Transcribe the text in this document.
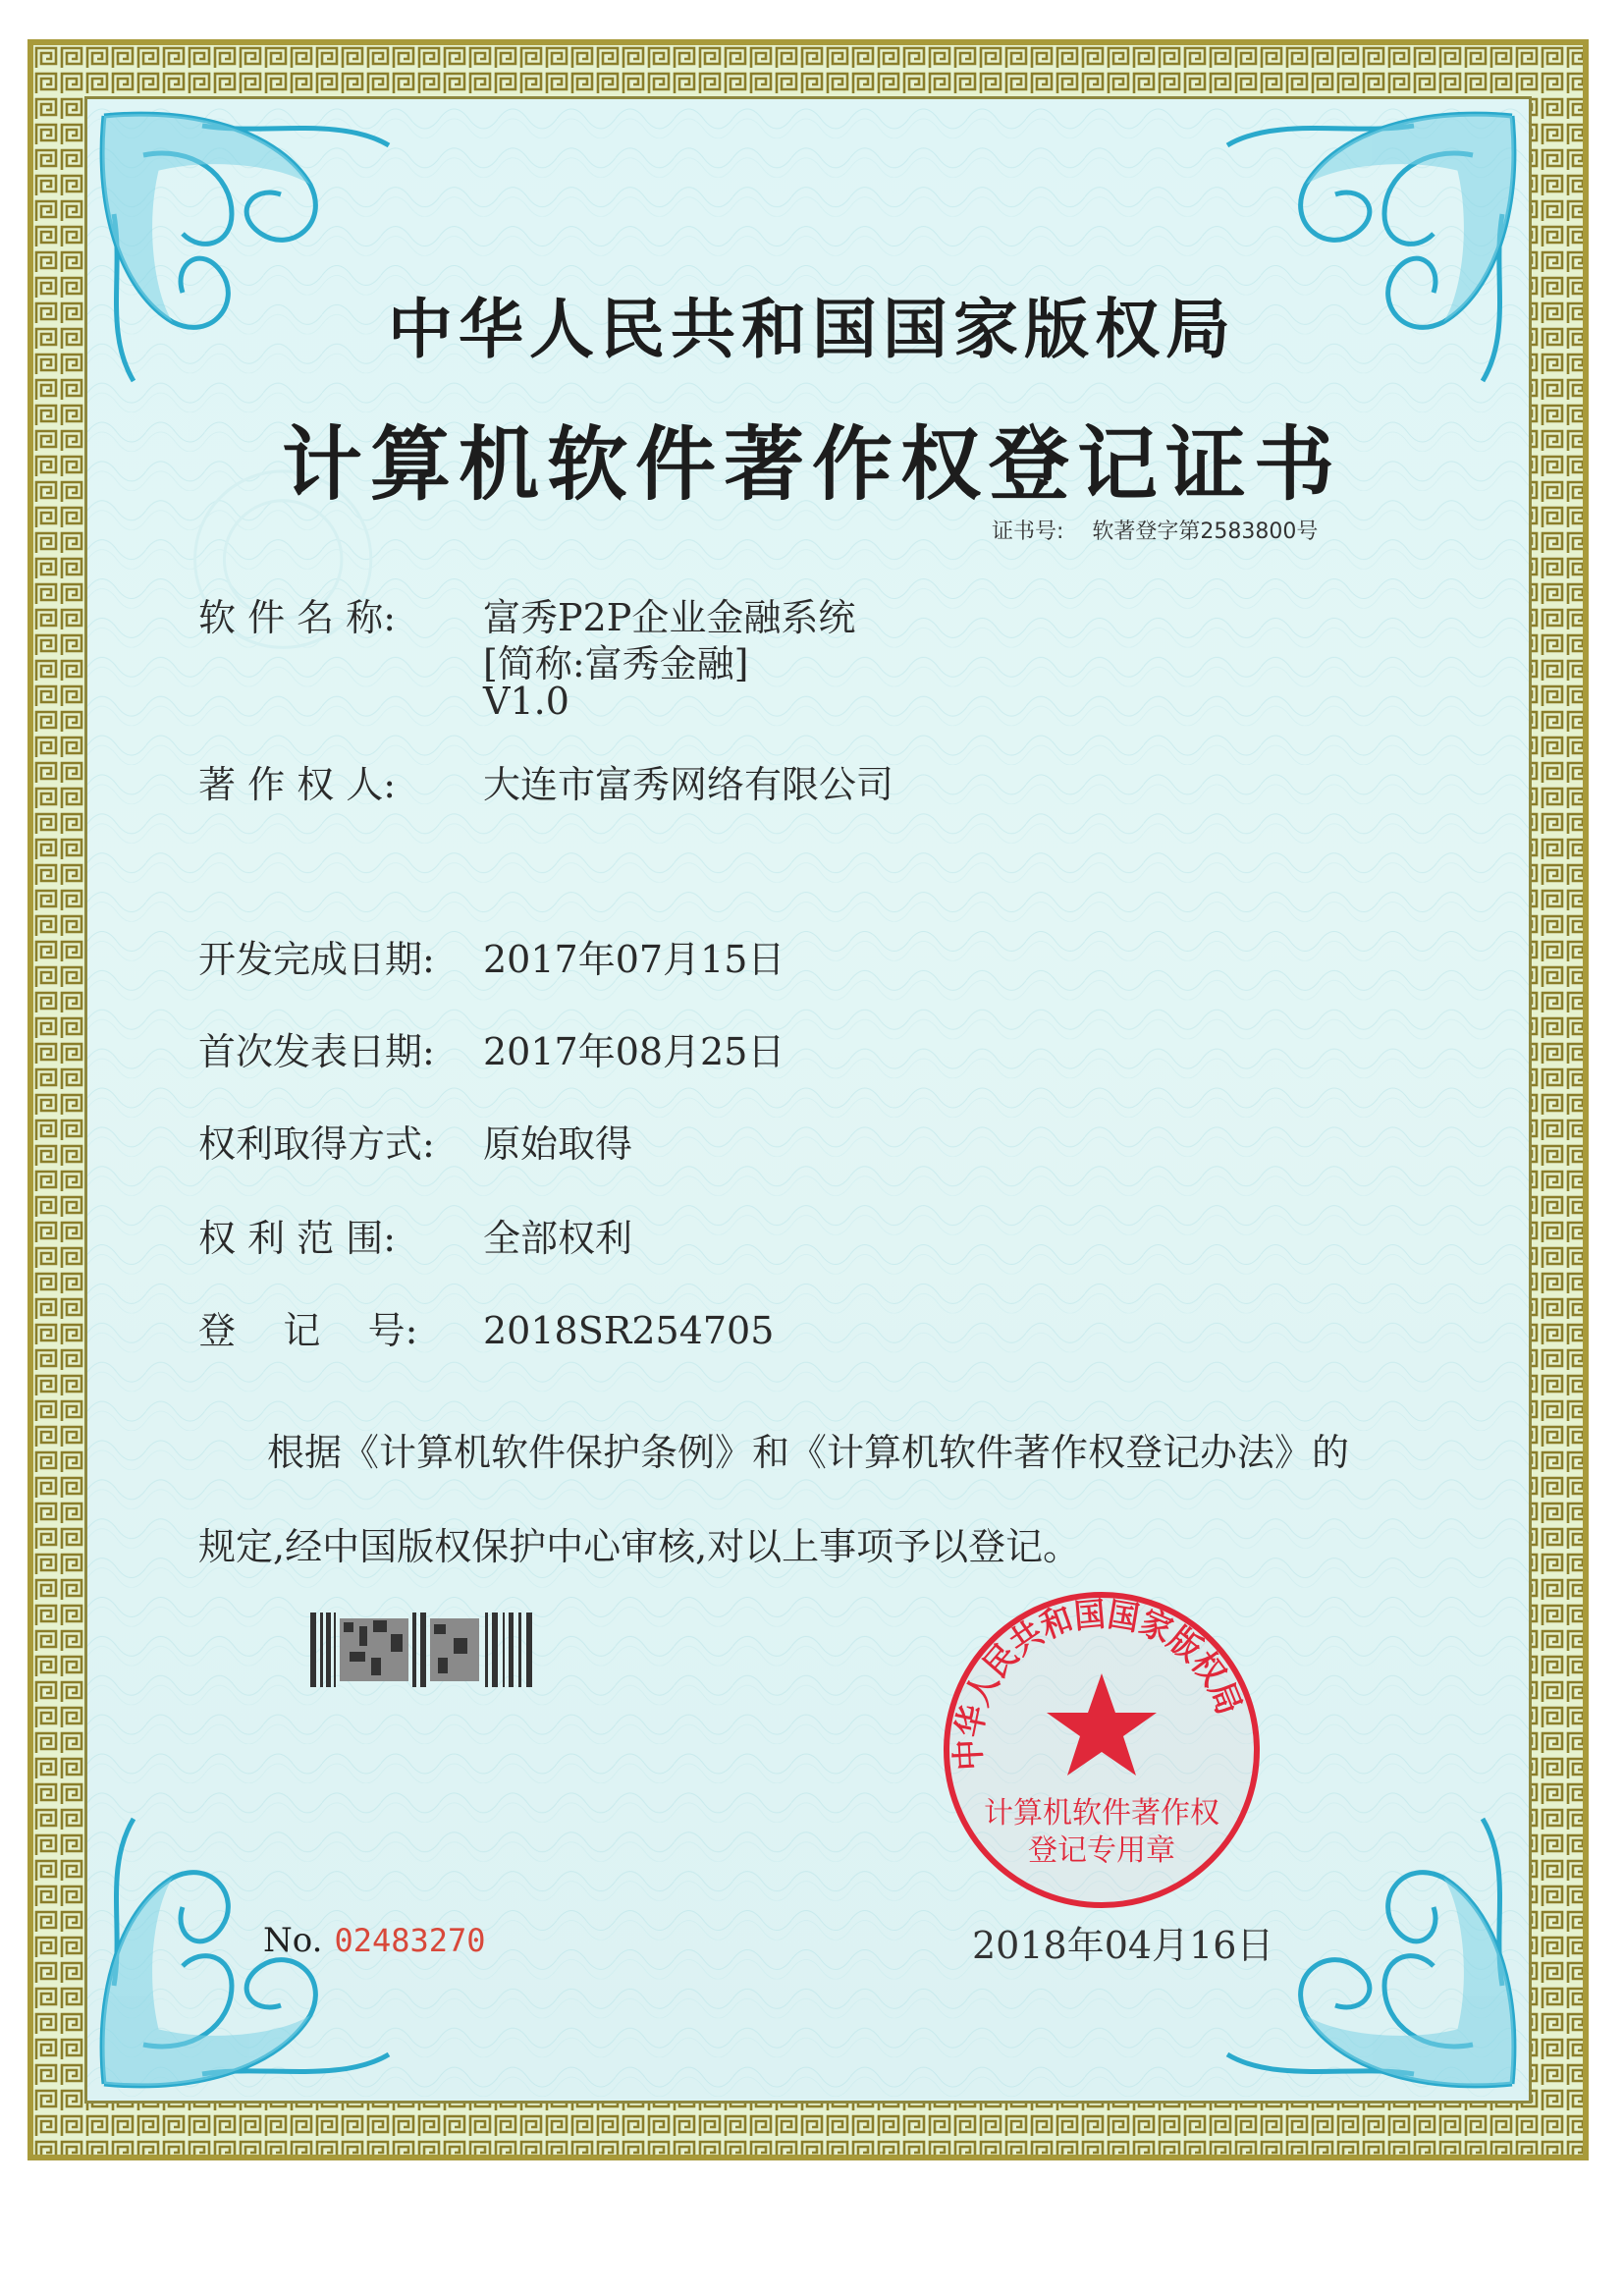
中华人民共和国国家版权局
计算机软件著作权登记证书
证书号: 软著登字第2583800号
软 件 名 称: 富秀P2P企业金融系统
[简称:富秀金融]
V1.0
著 作 权 人: 大连市富秀网络有限公司
开发完成日期: 2017年07月15日
首次发表日期: 2017年08月25日
权利取得方式: 原始取得
权 利 范 围: 全部权利
登    记    号: 2018SR254705
根据《计算机软件保护条例》和《计算机软件著作权登记办法》的
规定,经中国版权保护中心审核,对以上事项予以登记。
No. 02483270	2018年04月16日
中华人民共和国国家版权局
计算机软件著作权
登记专用章
